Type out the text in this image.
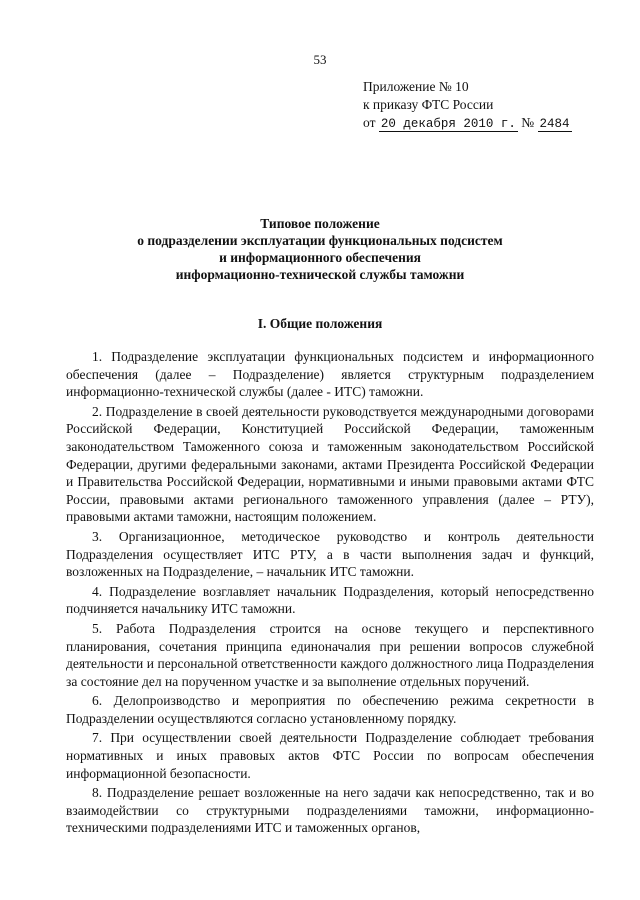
53
Приложение № 10
к приказу ФТС России
от 20 декабря 2010 г. № 2484
Типовое положение
о подразделении эксплуатации функциональных подсистем
и информационного обеспечения
информационно-технической службы таможни
I. Общие положения

1. Подразделение эксплуатации функциональных подсистем и информационного обеспечения (далее – Подразделение) является структурным подразделением информационно-технической службы (далее - ИТС) таможни.

2. Подразделение в своей деятельности руководствуется международными договорами Российской Федерации, Конституцией Российской Федерации, таможенным законодательством Таможенного союза и таможенным законодательством Российской Федерации, другими федеральными законами, актами Президента Российской Федерации и Правительства Российской Федерации, нормативными и иными правовыми актами ФТС России, правовыми актами регионального таможенного управления (далее – РТУ), правовыми актами таможни, настоящим положением.

3. Организационное, методическое руководство и контроль деятельности Подразделения осуществляет ИТС РТУ, а в части выполнения задач и функций, возложенных на Подразделение, – начальник ИТС таможни.

4. Подразделение возглавляет начальник Подразделения, который непосредственно подчиняется начальнику ИТС таможни.

5. Работа Подразделения строится на основе текущего и перспективного планирования, сочетания принципа единоначалия при решении вопросов служебной деятельности и персональной ответственности каждого должностного лица Подразделения за состояние дел на порученном участке и за выполнение отдельных поручений.

6. Делопроизводство и мероприятия по обеспечению режима секретности в Подразделении осуществляются согласно установленному порядку.

7. При осуществлении своей деятельности Подразделение соблюдает требования нормативных и иных правовых актов ФТС России по вопросам обеспечения информационной безопасности.

8. Подразделение решает возложенные на него задачи как непосредственно, так и во взаимодействии со структурными подразделениями таможни, информационно-техническими подразделениями ИТС и таможенных органов,
